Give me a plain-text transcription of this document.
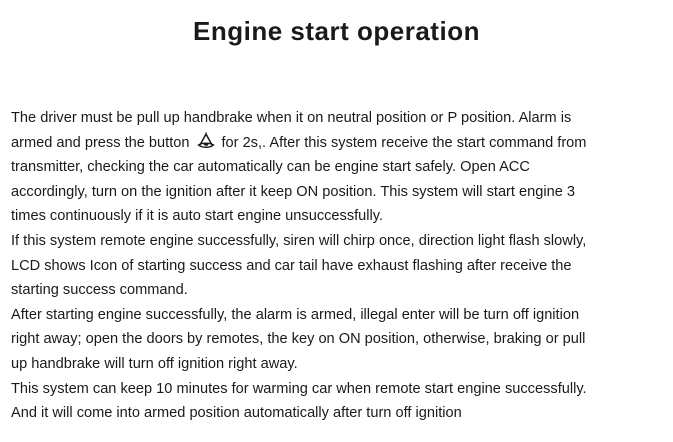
Engine start operation
The driver must be pull up handbrake when it on neutral position or P position. Alarm is
armed and press the button for 2s,. After this system receive the start command from
transmitter, checking the car automatically can be engine start safely. Open ACC
accordingly, turn on the ignition after it keep ON position. This system will start engine 3
times continuously if it is auto start engine unsuccessfully.
If this system remote engine successfully, siren will chirp once, direction light flash slowly,
LCD shows Icon of starting success and car tail have exhaust flashing after receive the
starting success command.
After starting engine successfully, the alarm is armed, illegal enter will be turn off ignition
right away; open the doors by remotes, the key on ON position, otherwise, braking or pull
up handbrake will turn off ignition right away.
This system can keep 10 minutes for warming car when remote start engine successfully.
And it will come into armed position automatically after turn off ignition
